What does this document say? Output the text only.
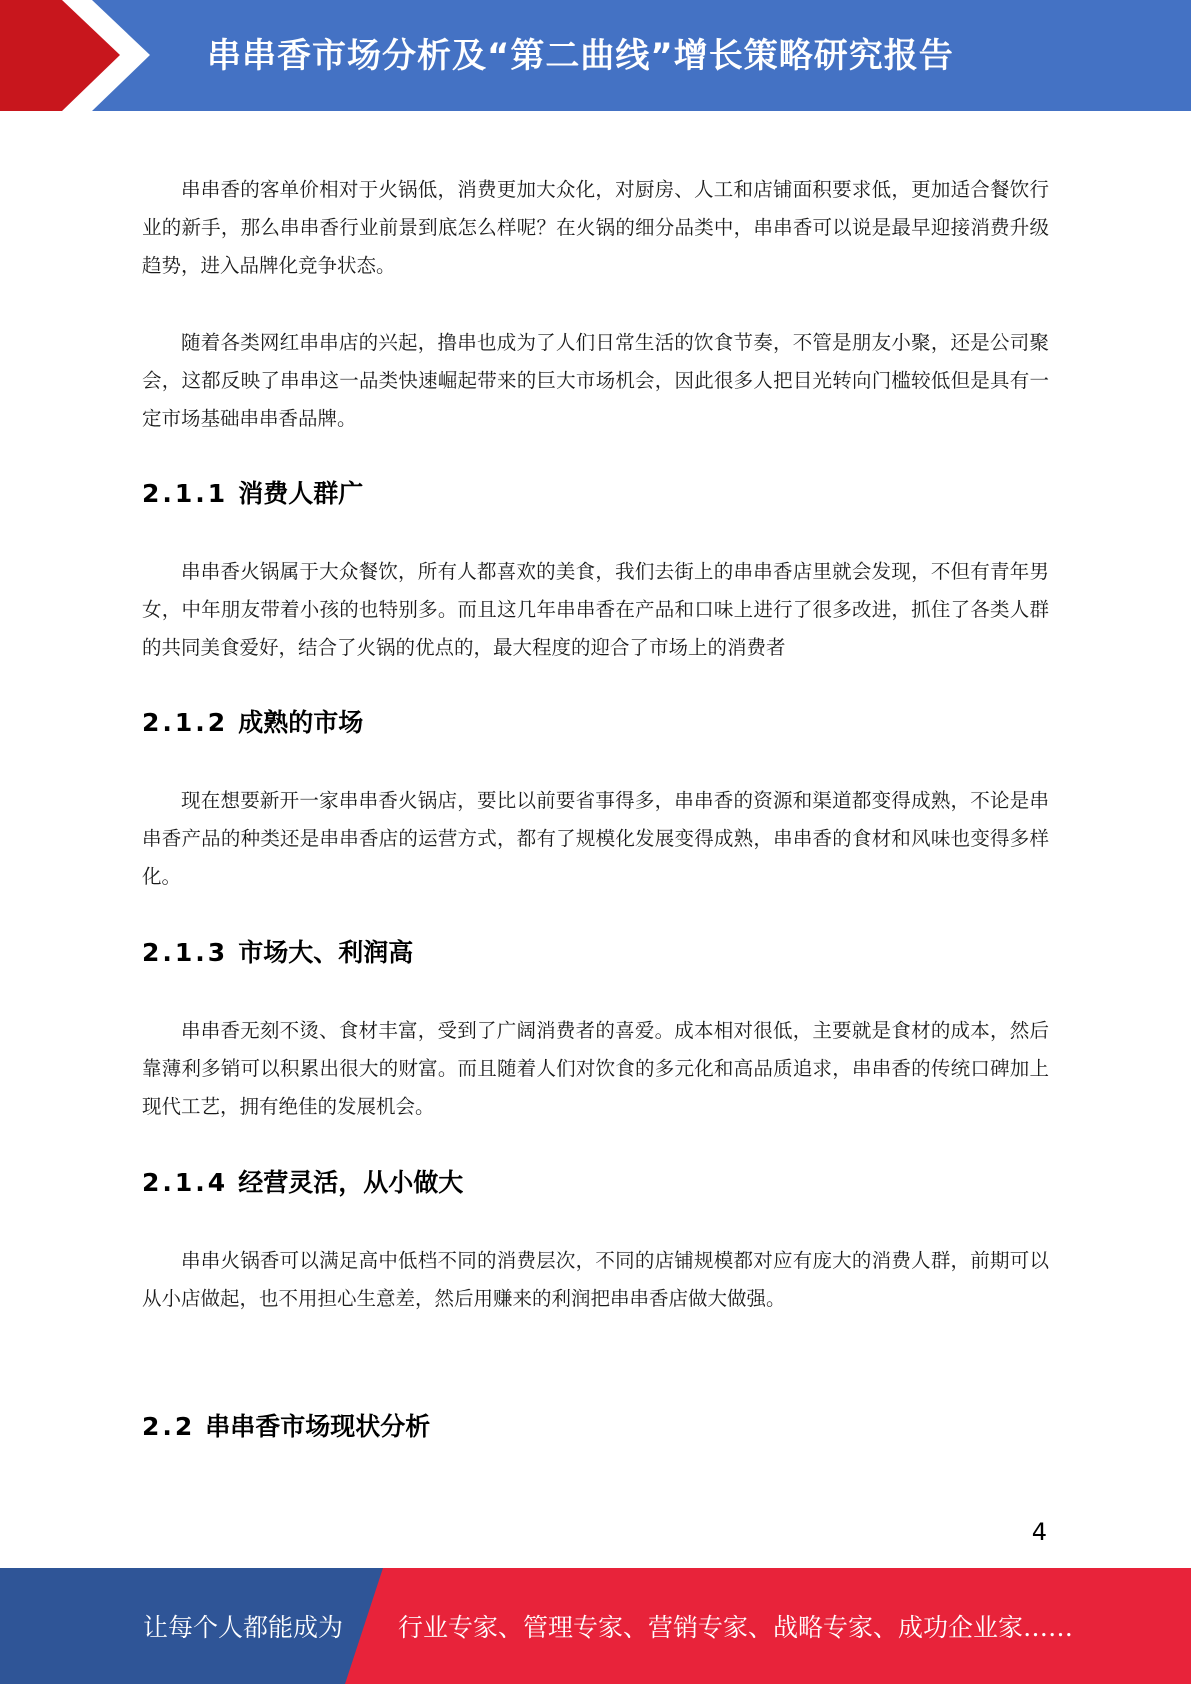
串串香市场分析及“第二曲线”增长策略研究报告

串串香的客单价相对于火锅低，消费更加大众化，对厨房、人工和店铺面积要求低，更加适合餐饮行业的新手，那么串串香行业前景到底怎么样呢？在火锅的细分品类中，串串香可以说是最早迎接消费升级趋势，进入品牌化竞争状态。

随着各类网红串串店的兴起，撸串也成为了人们日常生活的饮食节奏，不管是朋友小聚，还是公司聚会，这都反映了串串这一品类快速崛起带来的巨大市场机会，因此很多人把目光转向门槛较低但是具有一定市场基础串串香品牌。

2.1.1 消费人群广

串串香火锅属于大众餐饮，所有人都喜欢的美食，我们去街上的串串香店里就会发现，不但有青年男女，中年朋友带着小孩的也特别多。而且这几年串串香在产品和口味上进行了很多改进，抓住了各类人群的共同美食爱好，结合了火锅的优点的，最大程度的迎合了市场上的消费者

2.1.2 成熟的市场

现在想要新开一家串串香火锅店，要比以前要省事得多，串串香的资源和渠道都变得成熟，不论是串串香产品的种类还是串串香店的运营方式，都有了规模化发展变得成熟，串串香的食材和风味也变得多样化。

2.1.3 市场大、利润高

串串香无刻不烫、食材丰富，受到了广阔消费者的喜爱。成本相对很低，主要就是食材的成本，然后靠薄利多销可以积累出很大的财富。而且随着人们对饮食的多元化和高品质追求，串串香的传统口碑加上现代工艺，拥有绝佳的发展机会。

2.1.4 经营灵活，从小做大

串串火锅香可以满足高中低档不同的消费层次，不同的店铺规模都对应有庞大的消费人群，前期可以从小店做起，也不用担心生意差，然后用赚来的利润把串串香店做大做强。

2.2 串串香市场现状分析
4
让每个人都能成为 行业专家、管理专家、营销专家、战略专家、成功企业家……
